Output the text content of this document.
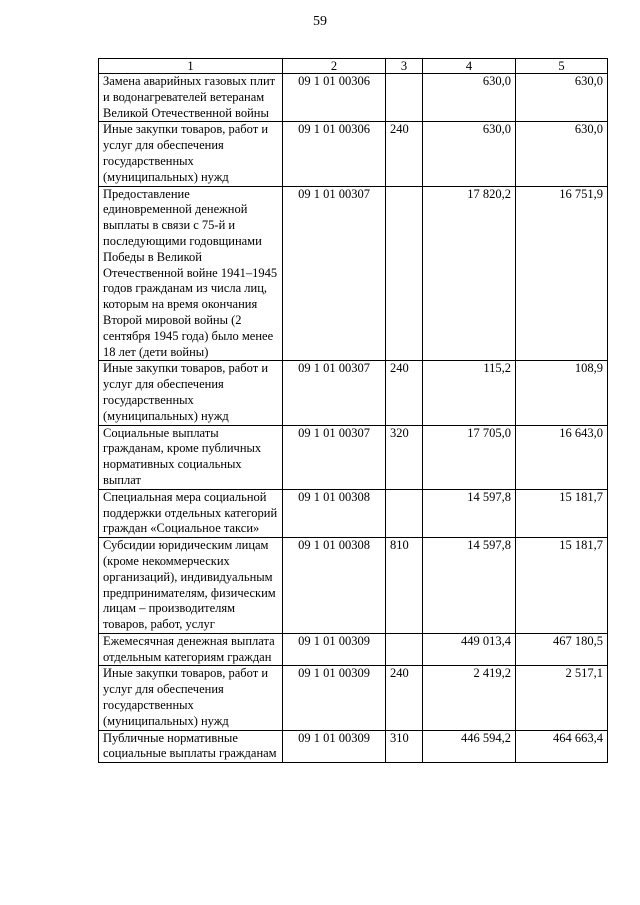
59
1	2	3	4	5
Замена аварийных газовых плит и водонагревателей ветеранам Великой Отечественной войны	09 1 01 00306		630,0	630,0
Иные закупки товаров, работ и услуг для обеспечения государственных (муниципальных) нужд	09 1 01 00306	240	630,0	630,0
Предоставление единовременной денежной выплаты в связи с 75-й и последующими годовщинами Победы в Великой Отечественной войне 1941–1945 годов гражданам из числа лиц, которым на время окончания Второй мировой войны (2 сентября 1945 года) было менее 18 лет (дети войны)	09 1 01 00307		17 820,2	16 751,9
Иные закупки товаров, работ и услуг для обеспечения государственных (муниципальных) нужд	09 1 01 00307	240	115,2	108,9
Социальные выплаты гражданам, кроме публичных нормативных социальных выплат	09 1 01 00307	320	17 705,0	16 643,0
Специальная мера социальной поддержки отдельных категорий граждан «Социальное такси»	09 1 01 00308		14 597,8	15 181,7
Субсидии юридическим лицам (кроме некоммерческих организаций), индивидуальным предпринимателям, физическим лицам – производителям товаров, работ, услуг	09 1 01 00308	810	14 597,8	15 181,7
Ежемесячная денежная выплата отдельным категориям граждан	09 1 01 00309		449 013,4	467 180,5
Иные закупки товаров, работ и услуг для обеспечения государственных (муниципальных) нужд	09 1 01 00309	240	2 419,2	2 517,1
Публичные нормативные социальные выплаты гражданам	09 1 01 00309	310	446 594,2	464 663,4
